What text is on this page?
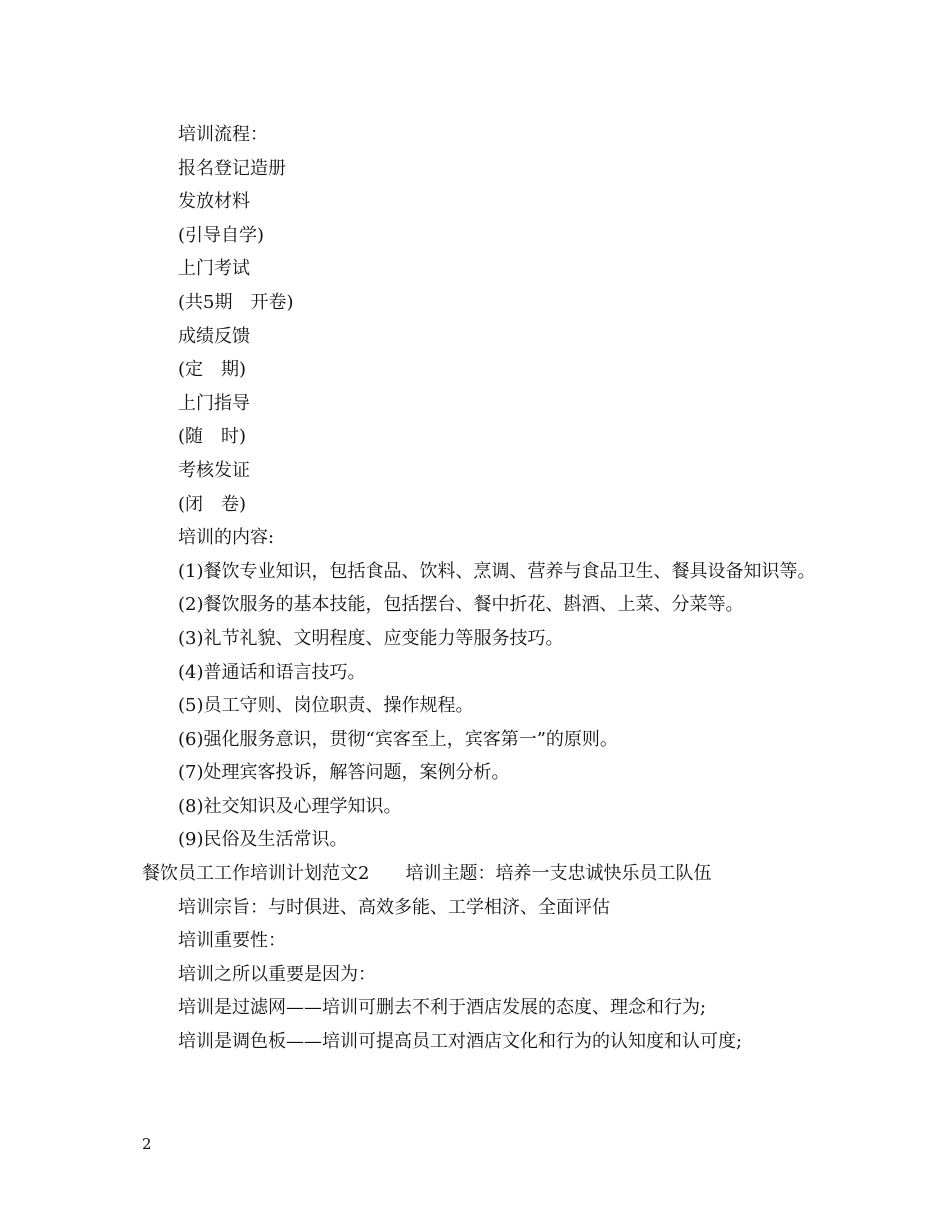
培训流程：
报名登记造册
发放材料
(引导自学)
上门考试
(共5期　开卷)
成绩反馈
(定　期)
上门指导
(随　时)
考核发证
(闭　卷)
培训的内容:
(1)餐饮专业知识，包括食品、饮料、烹调、营养与食品卫生、餐具设备知识等。
(2)餐饮服务的基本技能，包括摆台、餐中折花、斟酒、上菜、分菜等。
(3)礼节礼貌、文明程度、应变能力等服务技巧。
(4)普通话和语言技巧。
(5)员工守则、岗位职责、操作规程。
(6)强化服务意识，贯彻“宾客至上，宾客第一”的原则。
(7)处理宾客投诉，解答问题，案例分析。
(8)社交知识及心理学知识。
(9)民俗及生活常识。
餐饮员工工作培训计划范文2　　培训主题：培养一支忠诚快乐员工队伍
培训宗旨：与时俱进、高效多能、工学相济、全面评估
培训重要性：
培训之所以重要是因为：
培训是过滤网——培训可删去不利于酒店发展的态度、理念和行为;
培训是调色板——培训可提高员工对酒店文化和行为的认知度和认可度;
2
